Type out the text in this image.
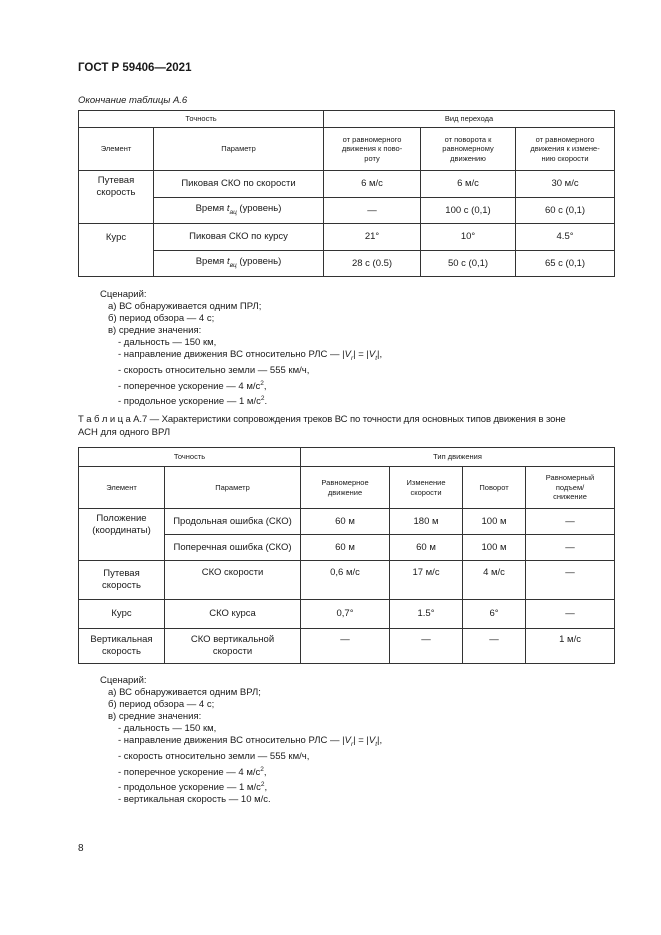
ГОСТ Р 59406—2021
Окончание таблицы А.6
Точность		Вид перехода		
Элемент	Параметр	от равномерного
движения к пово-
роту	от поворота к
равномерному
движению	от равномерного
движения к измене-
нию скорости
Путевая
скорость	Пиковая СКО по скорости	6 м/с	6 м/с	30 м/с
	Время $t_{ац}$ (уровень)	—	100 с (0,1)	60 с (0,1)
Курс	Пиковая СКО по курсу	21°	10°	4.5°
	Время $t_{вц}$ (уровень)	28 с (0.5)	50 с (0,1)	65 с (0,1)
Сценарий:
а) ВС обнаруживается одним ПРЛ;
б) период обзора — 4 с;
в) средние значения:
- дальность — 150 км,
- направление движения ВС относительно РЛС — $|V_r| = |V_t|$,
- скорость относительно земли — 555 км/ч,
- поперечное ускорение — 4 $м/с^2$,
- продольное ускорение — 1 $м/с^2$.
Т а б л и ц а А.7 — Характеристики сопровождения треков ВС по точности для основных типов движения в зоне
АСН для одного ВРЛ
Точность		Тип движения			
Элемент	Параметр	Равномерное
движение	Изменение
скорости	Поворот	Равномерный
подъем/
снижение
Положение
(координаты)	Продольная ошибка (СКО)	60 м	180 м	100 м	—
	Поперечная ошибка (СКО)	60 м	60 м	100 м	—
Путевая
скорость	СКО скорости	0,6 м/с	17 м/с	4 м/с	—
Курс	СКО курса	0,7°	1.5°	6°	—
Вертикальная
скорость	СКО вертикальной
скорости	—	—	—	1 м/с
Сценарий:
а) ВС обнаруживается одним ВРЛ;
б) период обзора — 4 с;
в) средние значения:
- дальность — 150 км,
- направление движения ВС относительно РЛС — $|V_r| = |V_t|$,
- скорость относительно земли — 555 км/ч,
- поперечное ускорение — 4 $м/с^2$,
- продольное ускорение — 1 $м/с^2$,
- вертикальная скорость — 10 м/с.
8
